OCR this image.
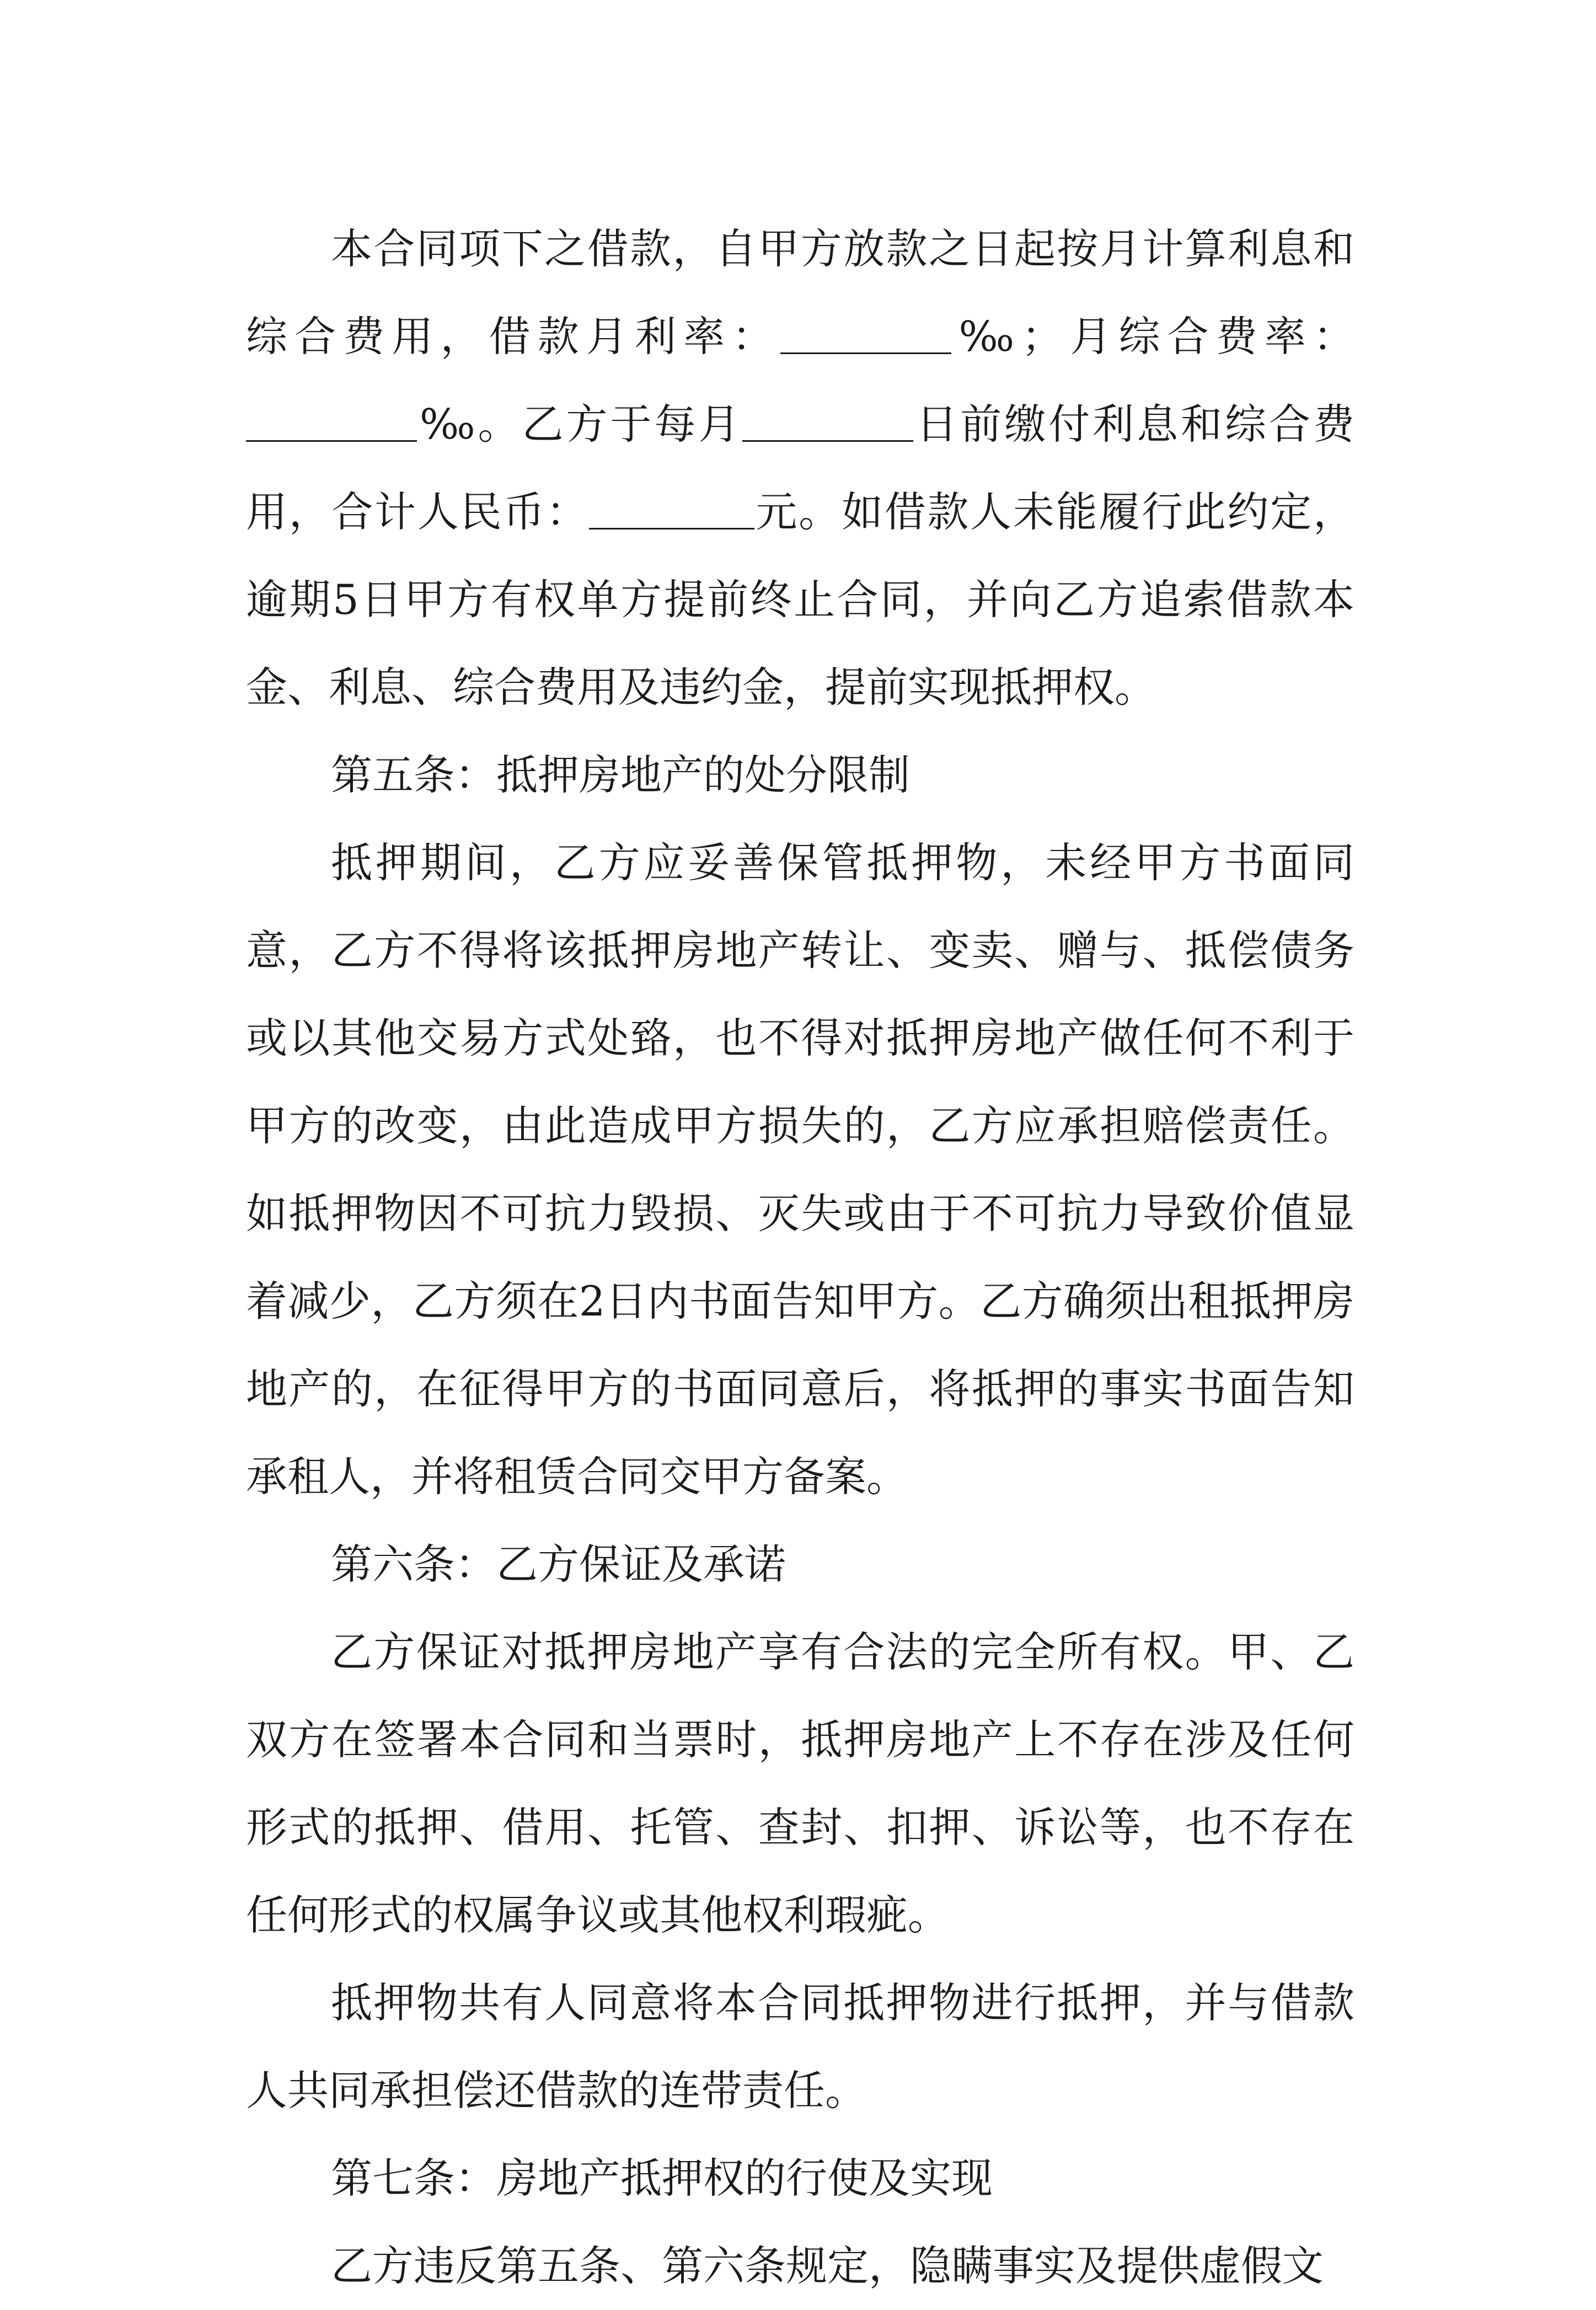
本合同项下之借款，自甲方放款之日起按月计算利息和综合费用，借款月利率：	‰；月综合费率：‰。乙方于每月	日前缴付利息和综合费用，合计人民币：	元。如借款人未能履行此约定，逾期5日甲方有权单方提前终止合同，并向乙方追索借款本金、利息、综合费用及违约金，提前实现抵押权。

第五条：抵押房地产的处分限制

抵押期间，乙方应妥善保管抵押物，未经甲方书面同意，乙方不得将该抵押房地产转让、变卖、赠与、抵偿债务或以其他交易方式处臵，也不得对抵押房地产做任何不利于甲方的改变，由此造成甲方损失的，乙方应承担赔偿责任。如抵押物因不可抗力毁损、灭失或由于不可抗力导致价值显着减少，乙方须在2日内书面告知甲方。乙方确须出租抵押房地产的，在征得甲方的书面同意后，将抵押的事实书面告知承租人，并将租赁合同交甲方备案。

第六条：乙方保证及承诺

乙方保证对抵押房地产享有合法的完全所有权。甲、乙双方在签署本合同和当票时，抵押房地产上不存在涉及任何形式的抵押、借用、托管、查封、扣押、诉讼等，也不存在任何形式的权属争议或其他权利瑕疵。

抵押物共有人同意将本合同抵押物进行抵押，并与借款人共同承担偿还借款的连带责任。

第七条：房地产抵押权的行使及实现

乙方违反第五条、第六条规定，隐瞒事实及提供虚假文
